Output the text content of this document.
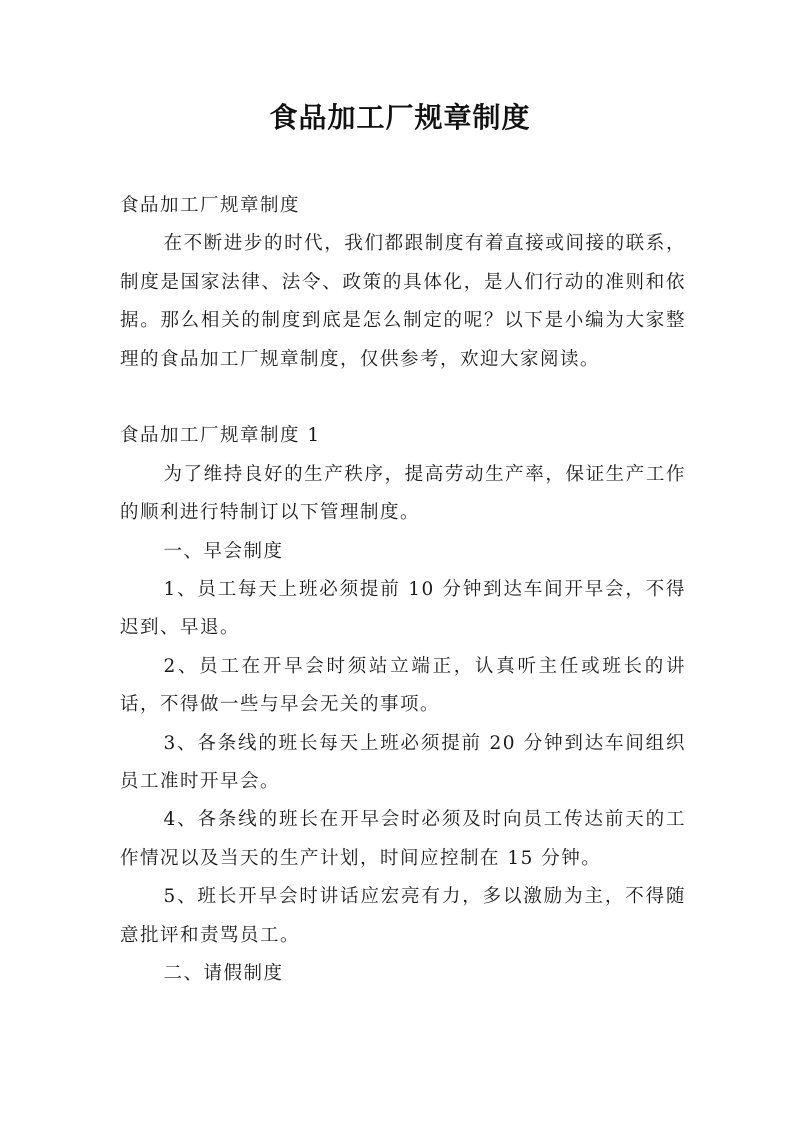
食品加工厂规章制度

食品加工厂规章制度

在不断进步的时代，我们都跟制度有着直接或间接的联系，制度是国家法律、法令、政策的具体化，是人们行动的准则和依据。那么相关的制度到底是怎么制定的呢？以下是小编为大家整理的食品加工厂规章制度，仅供参考，欢迎大家阅读。

食品加工厂规章制度 1

为了维持良好的生产秩序，提高劳动生产率，保证生产工作的顺利进行特制订以下管理制度。

一、早会制度

1、员工每天上班必须提前 10 分钟到达车间开早会，不得迟到、早退。

2、员工在开早会时须站立端正，认真听主任或班长的讲话，不得做一些与早会无关的事项。

3、各条线的班长每天上班必须提前 20 分钟到达车间组织员工准时开早会。

4、各条线的班长在开早会时必须及时向员工传达前天的工作情况以及当天的生产计划，时间应控制在 15 分钟。

5、班长开早会时讲话应宏亮有力，多以激励为主，不得随意批评和责骂员工。

二、请假制度
